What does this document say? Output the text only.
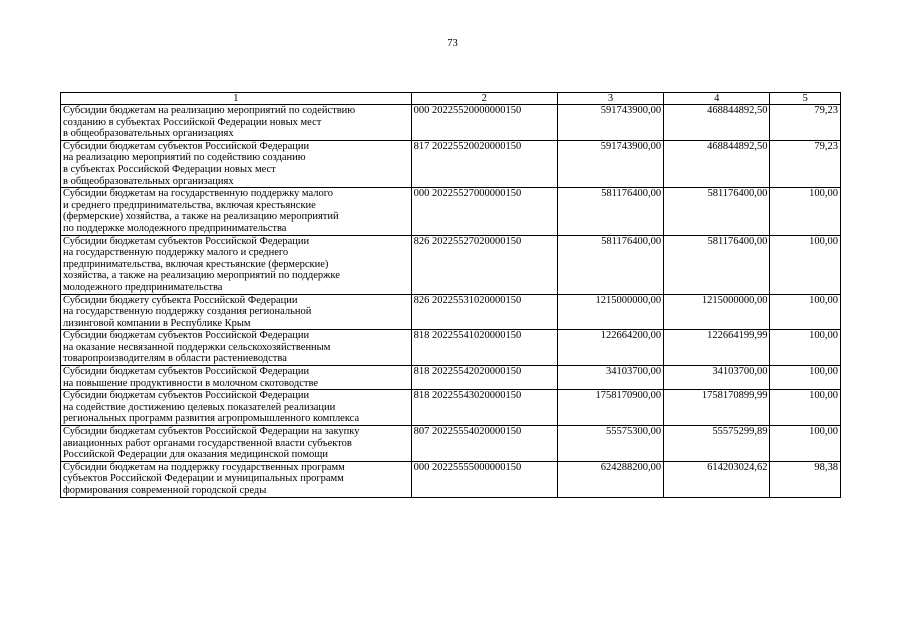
73
1	2	3	4	5

Субсидии бюджетам на реализацию мероприятий по содействию
созданию в субъектах Российской Федерации новых мест
в общеобразовательных организациях	000 20225520000000150	591743900,00	468844892,50	79,23

Субсидии бюджетам субъектов Российской Федерации
на реализацию мероприятий по содействию созданию
в субъектах Российской Федерации новых мест
в общеобразовательных организациях	817 20225520020000150	591743900,00	468844892,50	79,23

Субсидии бюджетам на государственную поддержку малого
и среднего предпринимательства, включая крестьянские
(фермерские) хозяйства, а также на реализацию мероприятий
по поддержке молодежного предпринимательства	000 20225527000000150	581176400,00	581176400,00	100,00

Субсидии бюджетам субъектов Российской Федерации
на государственную поддержку малого и среднего
предпринимательства, включая крестьянские (фермерские)
хозяйства, а также на реализацию мероприятий по поддержке
молодежного предпринимательства	826 20225527020000150	581176400,00	581176400,00	100,00

Субсидии бюджету субъекта Российской Федерации
на государственную поддержку создания региональной
лизинговой компании в Республике Крым	826 20225531020000150	1215000000,00	1215000000,00	100,00

Субсидии бюджетам субъектов Российской Федерации
на оказание несвязанной поддержки сельскохозяйственным
товаропроизводителям в области растениеводства	818 20225541020000150	122664200,00	122664199,99	100,00

Субсидии бюджетам субъектов Российской Федерации
на повышение продуктивности в молочном скотоводстве	818 20225542020000150	34103700,00	34103700,00	100,00

Субсидии бюджетам субъектов Российской Федерации
на содействие достижению целевых показателей реализации
региональных программ развития агропромышленного комплекса	818 20225543020000150	1758170900,00	1758170899,99	100,00

Субсидии бюджетам субъектов Российской Федерации на закупку
авиационных работ органами государственной власти субъектов
Российской Федерации для оказания медицинской помощи	807 20225554020000150	55575300,00	55575299,89	100,00

Субсидии бюджетам на поддержку государственных программ
субъектов Российской Федерации и муниципальных программ
формирования современной городской среды	000 20225555000000150	624288200,00	614203024,62	98,38
